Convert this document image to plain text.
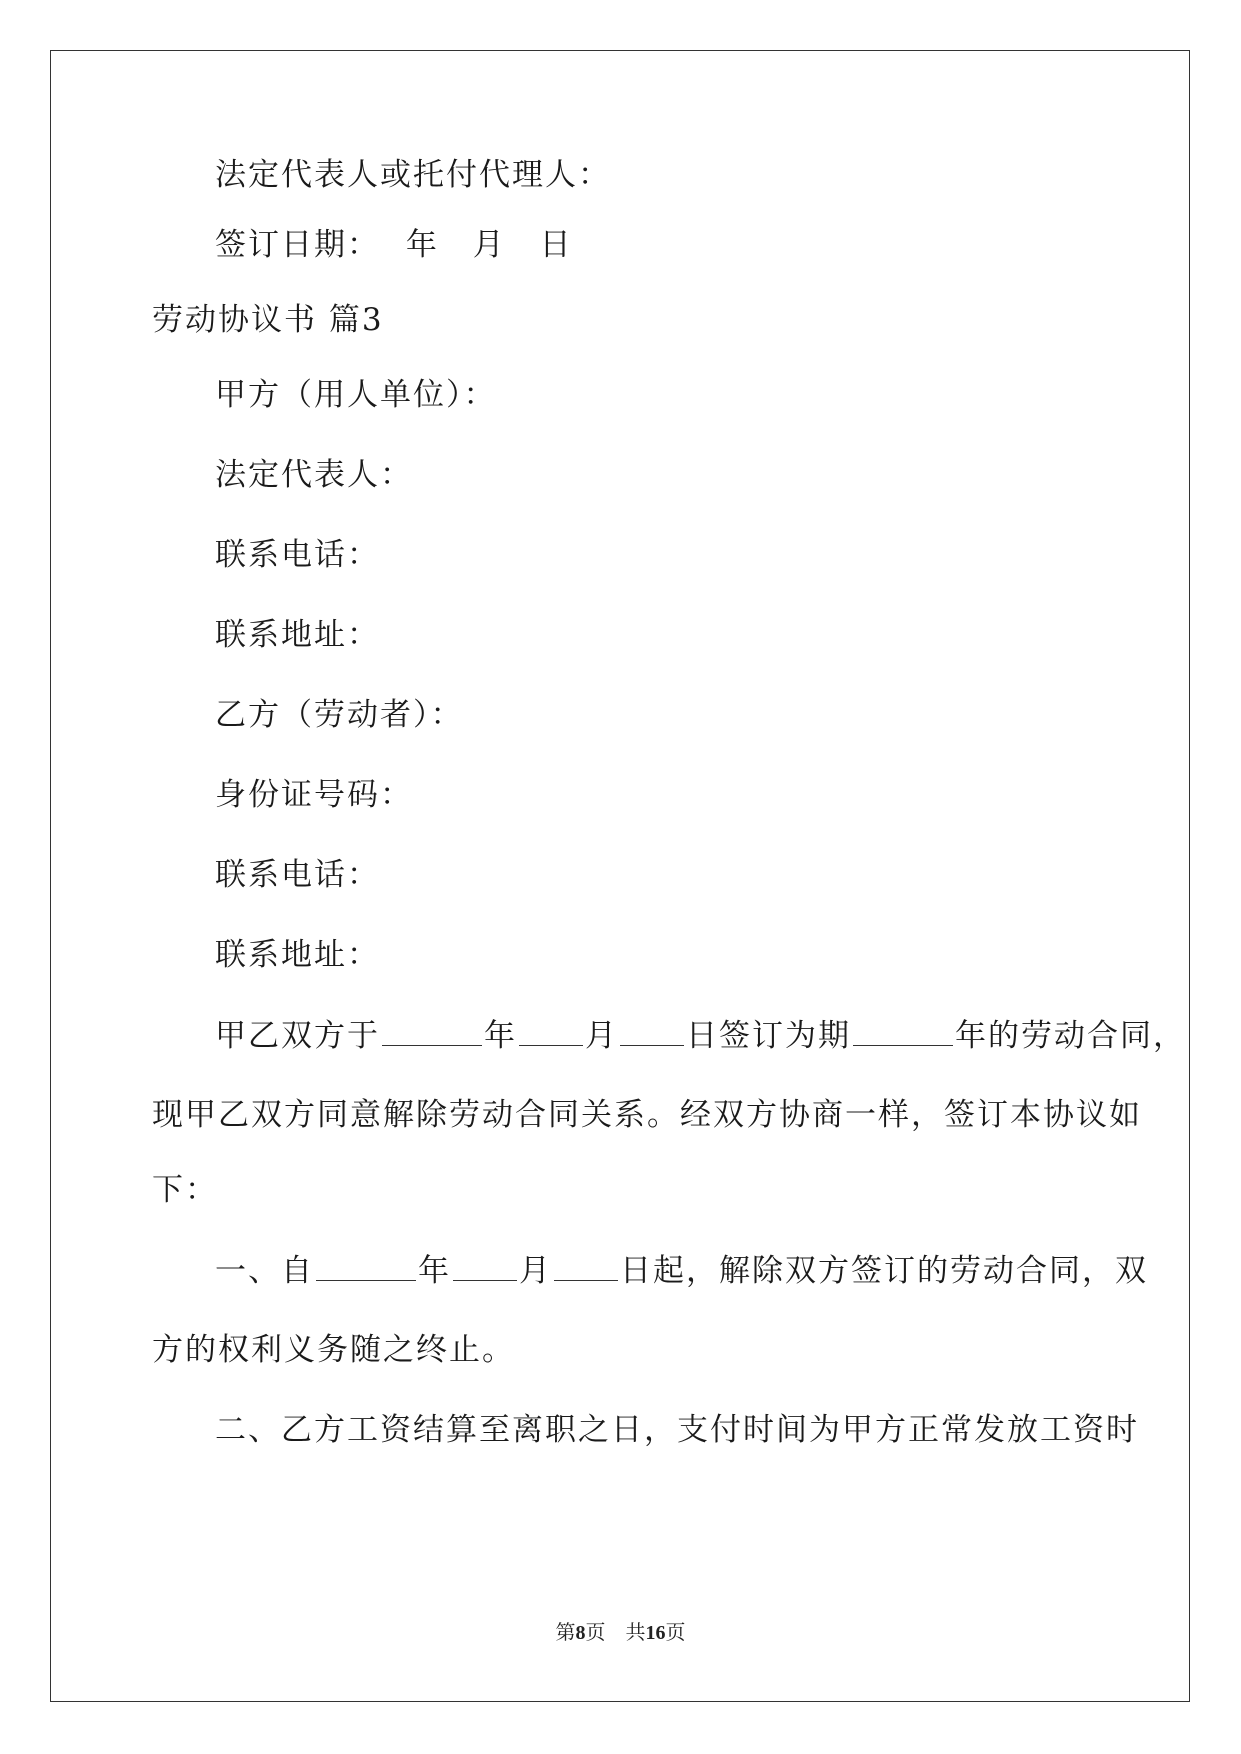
法定代表人或托付代理人：
签订日期： 年 月 日
劳动协议书 篇3
甲方（用人单位）：
法定代表人：
联系电话：
联系地址：
乙方（劳动者）：
身份证号码：
联系电话：
联系地址：
甲乙双方于	年 月 日签订为期	年的劳动合同，
现甲乙双方同意解除劳动合同关系。经双方协商一样，签订本协议如
下：
一、自	年 月 日起，解除双方签订的劳动合同，双
方的权利义务随之终止。
二、乙方工资结算至离职之日，支付时间为甲方正常发放工资时
第8页　共16页
